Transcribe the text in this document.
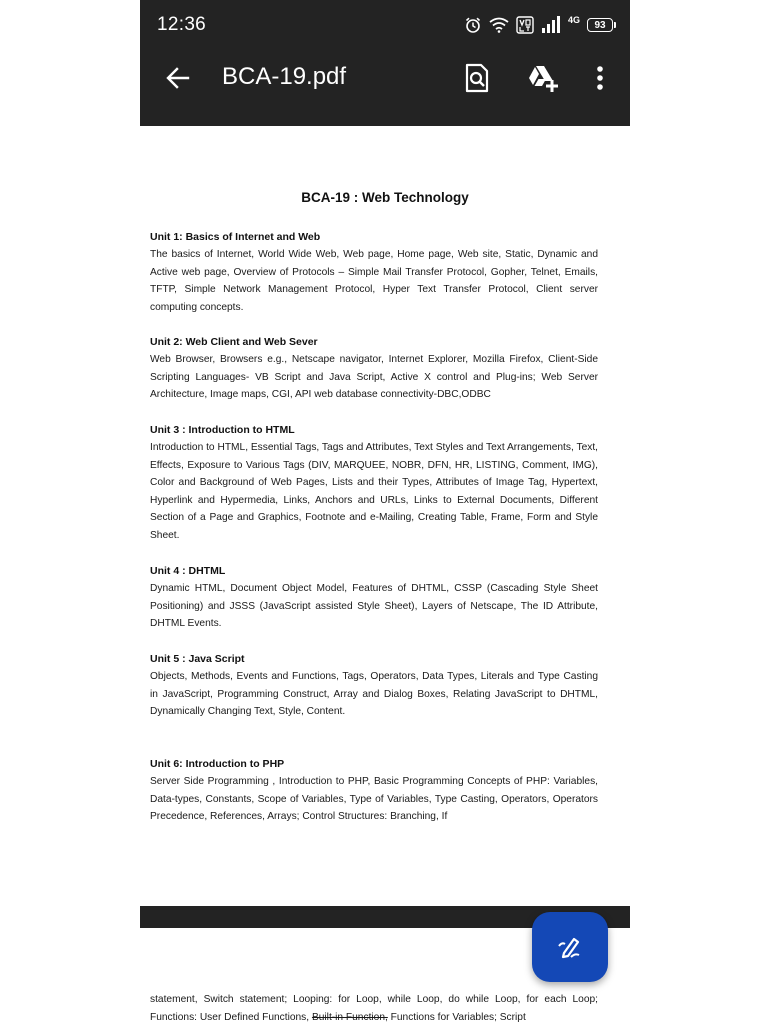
12:36	4G	93
BCA-19.pdf
BCA-19 : Web Technology
Unit 1: Basics of Internet and Web

The basics of Internet, World Wide Web, Web page, Home page, Web site, Static, Dynamic and Active web page, Overview of Protocols – Simple Mail Transfer Protocol, Gopher, Telnet, Emails, TFTP, Simple Network Management Protocol, Hyper Text Transfer Protocol, Client server computing concepts.

Unit 2: Web Client and Web Sever

Web Browser, Browsers e.g., Netscape navigator, Internet Explorer, Mozilla Firefox, Client-Side Scripting Languages- VB Script and Java Script, Active X control and Plug-ins; Web Server Architecture, Image maps, CGI, API web database connectivity-DBC,ODBC

Unit 3 : Introduction to HTML

Introduction to HTML, Essential Tags, Tags and Attributes, Text Styles and Text Arrangements, Text, Effects, Exposure to Various Tags (DIV, MARQUEE, NOBR, DFN, HR, LISTING, Comment, IMG), Color and Background of Web Pages, Lists and their Types, Attributes of Image Tag, Hypertext, Hyperlink and Hypermedia, Links, Anchors and URLs, Links to External Documents, Different Section of a Page and Graphics, Footnote and e-Mailing, Creating Table, Frame, Form and Style Sheet.

Unit 4 : DHTML

Dynamic HTML, Document Object Model, Features of DHTML, CSSP (Cascading Style Sheet Positioning) and JSSS (JavaScript assisted Style Sheet), Layers of Netscape, The ID Attribute, DHTML Events.

Unit 5 : Java Script

Objects, Methods, Events and Functions, Tags, Operators, Data Types, Literals and Type Casting in JavaScript, Programming Construct, Array and Dialog Boxes, Relating JavaScript to DHTML, Dynamically Changing Text, Style, Content.

Unit 6: Introduction to PHP

Server Side Programming , Introduction to PHP, Basic Programming Concepts of PHP: Variables, Data-types, Constants, Scope of Variables, Type of Variables, Type Casting, Operators, Operators Precedence, References, Arrays; Control Structures: Branching, If

statement, Switch statement; Looping: for Loop, while Loop, do while Loop, for each Loop; Functions: User Defined Functions, Built-in Function, Functions for Variables; Script
